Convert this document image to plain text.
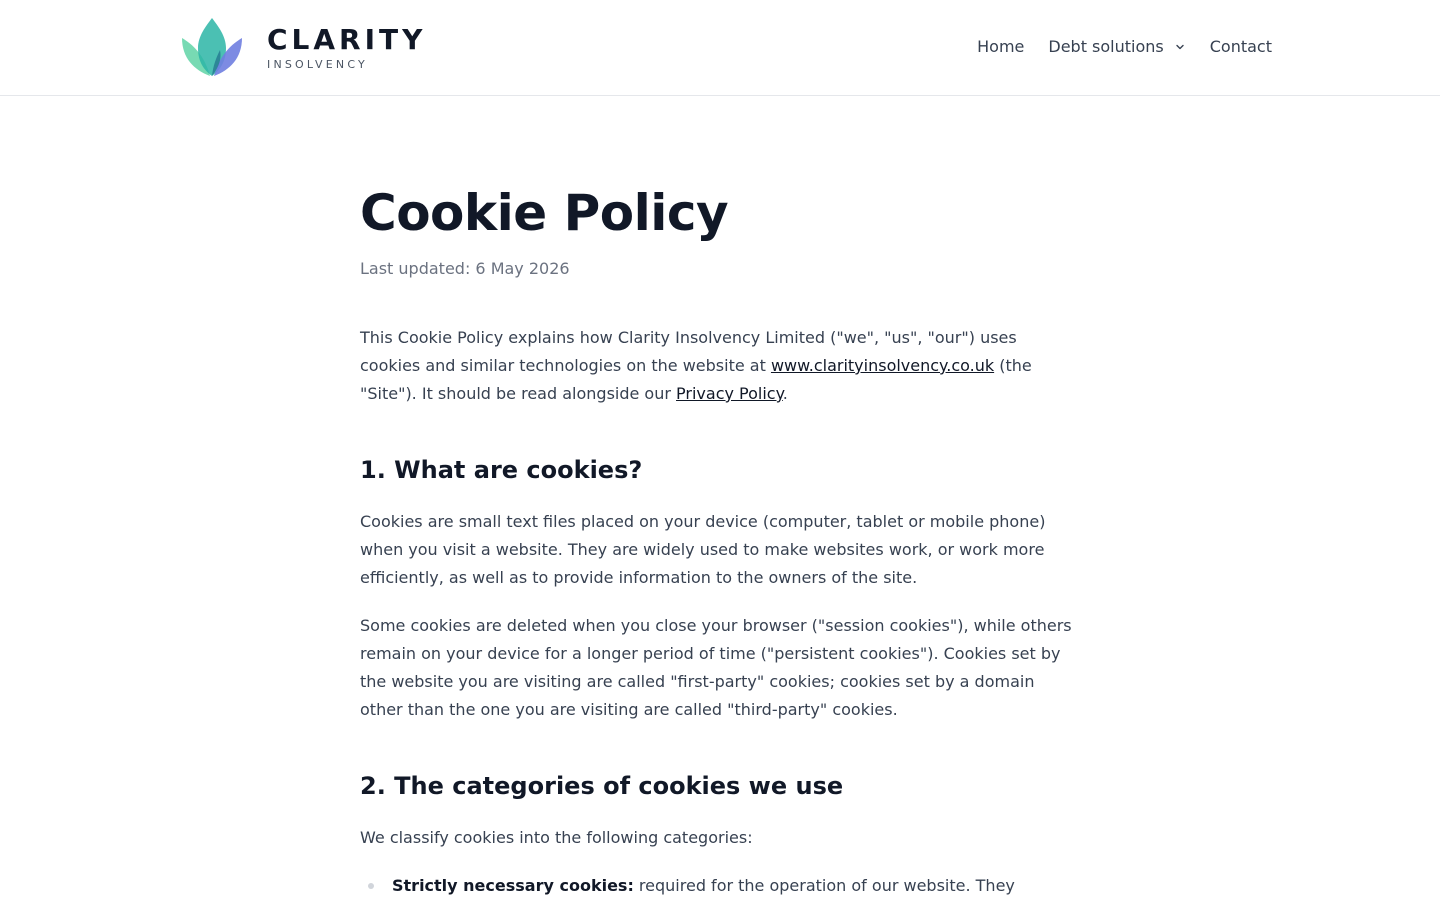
CLARITY
INSOLVENCY
Home Debt solutions	Contact
Cookie Policy
Last updated: 6 May 2026

This Cookie Policy explains how Clarity Insolvency Limited ("we", "us", "our") uses cookies and similar technologies on the website at www.clarityinsolvency.co.uk (the "Site"). It should be read alongside our Privacy Policy.

1. What are cookies?

Cookies are small text files placed on your device (computer, tablet or mobile phone) when you visit a website. They are widely used to make websites work, or work more efficiently, as well as to provide information to the owners of the site.

Some cookies are deleted when you close your browser ("session cookies"), while others remain on your device for a longer period of time ("persistent cookies"). Cookies set by the website you are visiting are called "first-party" cookies; cookies set by a domain other than the one you are visiting are called "third-party" cookies.

2. The categories of cookies we use

We classify cookies into the following categories:

Strictly necessary cookies: required for the operation of our website. They
